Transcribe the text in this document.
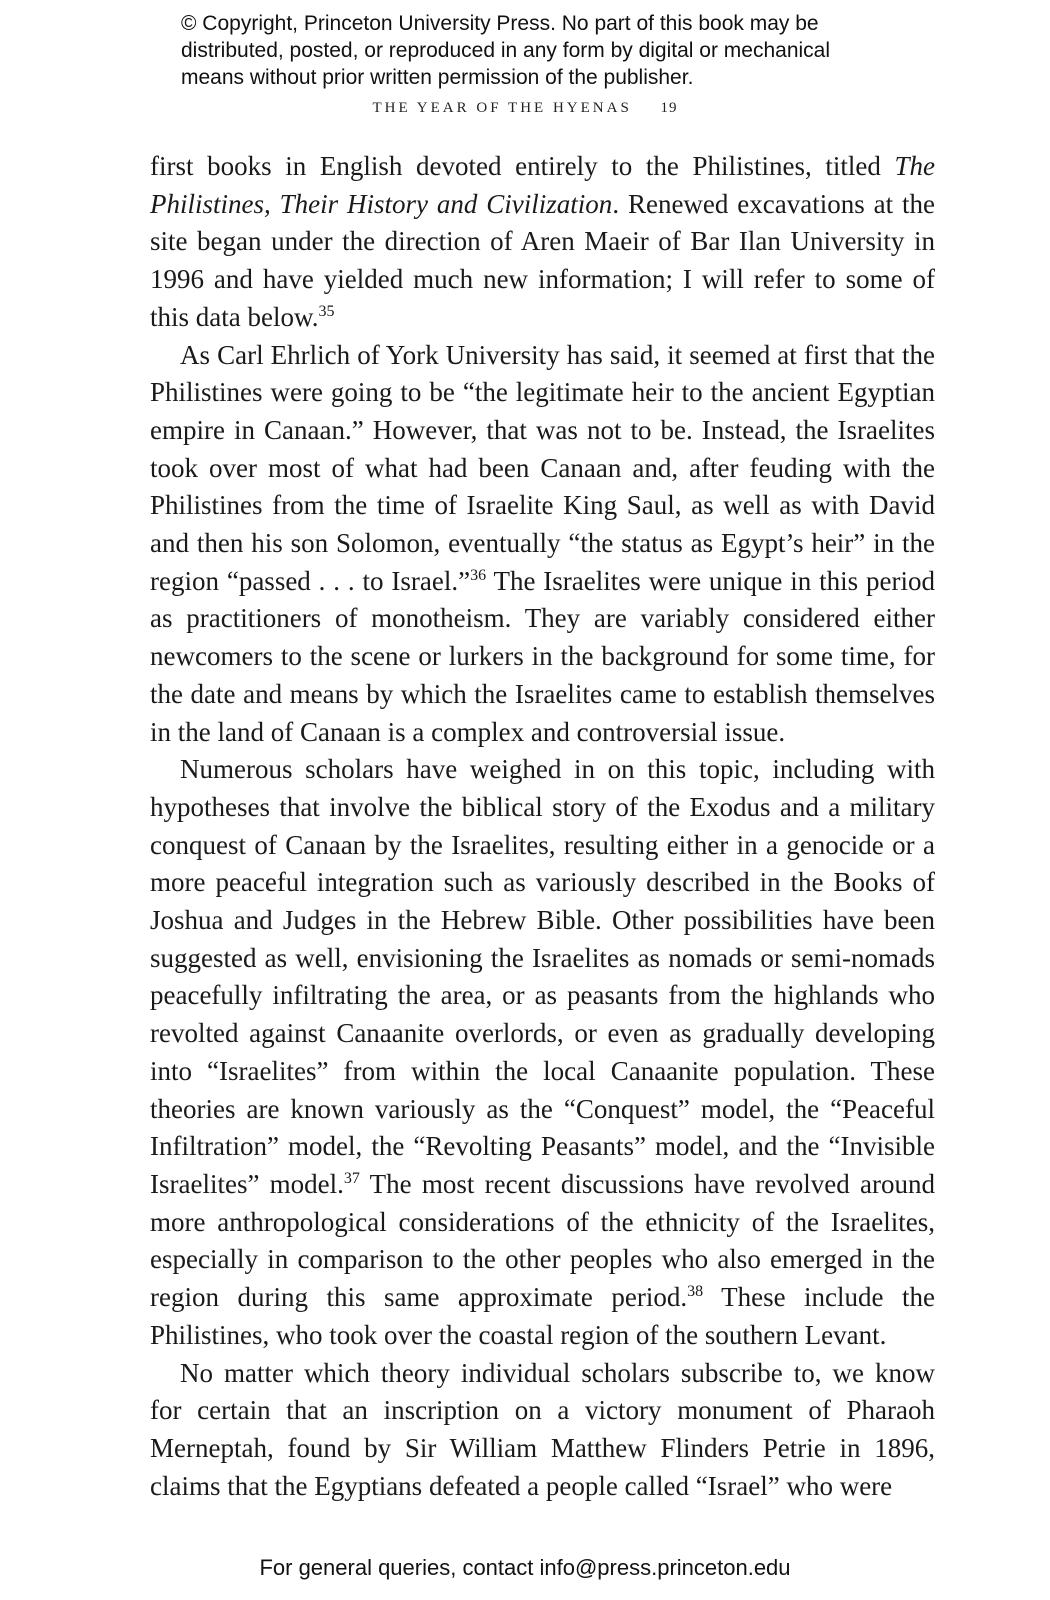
© Copyright, Princeton University Press. No part of this book may be
distributed, posted, or reproduced in any form by digital or mechanical
means without prior written permission of the publisher.
THE YEAR OF THE HYENAS 19

first books in English devoted entirely to the Philistines, titled The Philistines, Their History and Civilization. Renewed excavations at the site began under the direction of Aren Maeir of Bar Ilan University in 1996 and have yielded much new information; I will refer to some of this data below.$^{35}$

As Carl Ehrlich of York University has said, it seemed at first that the Philistines were going to be “the legitimate heir to the ancient Egyptian empire in Canaan.” However, that was not to be. Instead, the Israelites took over most of what had been Canaan and, after feuding with the Philistines from the time of Israelite King Saul, as well as with David and then his son Solomon, eventually “the status as Egypt’s heir” in the region “passed . . . to Israel.”$^{36}$ The Israelites were unique in this period as practitioners of monotheism. They are variably considered either newcomers to the scene or lurkers in the background for some time, for the date and means by which the Israelites came to establish themselves in the land of Canaan is a complex and controversial issue.

Numerous scholars have weighed in on this topic, including with hypotheses that involve the biblical story of the Exodus and a military conquest of Canaan by the Israelites, resulting either in a genocide or a more peaceful integration such as variously described in the Books of Joshua and Judges in the Hebrew Bible. Other possibilities have been suggested as well, envisioning the Israelites as nomads or semi-nomads peacefully infiltrating the area, or as peasants from the highlands who revolted against Canaanite overlords, or even as gradually developing into “Israelites” from within the local Canaanite population. These theories are known variously as the “Conquest” model, the “Peaceful Infiltration” model, the “Revolting Peasants” model, and the “Invisible Israelites” model.$^{37}$ The most recent discussions have revolved around more anthropological considerations of the ethnicity of the Israelites, especially in comparison to the other peoples who also emerged in the region during this same approximate period.$^{38}$ These include the Philistines, who took over the coastal region of the southern Levant.

No matter which theory individual scholars subscribe to, we know for certain that an inscription on a victory monument of Pharaoh Merneptah, found by Sir William Matthew Flinders Petrie in 1896, claims that the Egyptians defeated a people called “Israel” who were

For general queries, contact info@press.princeton.edu
